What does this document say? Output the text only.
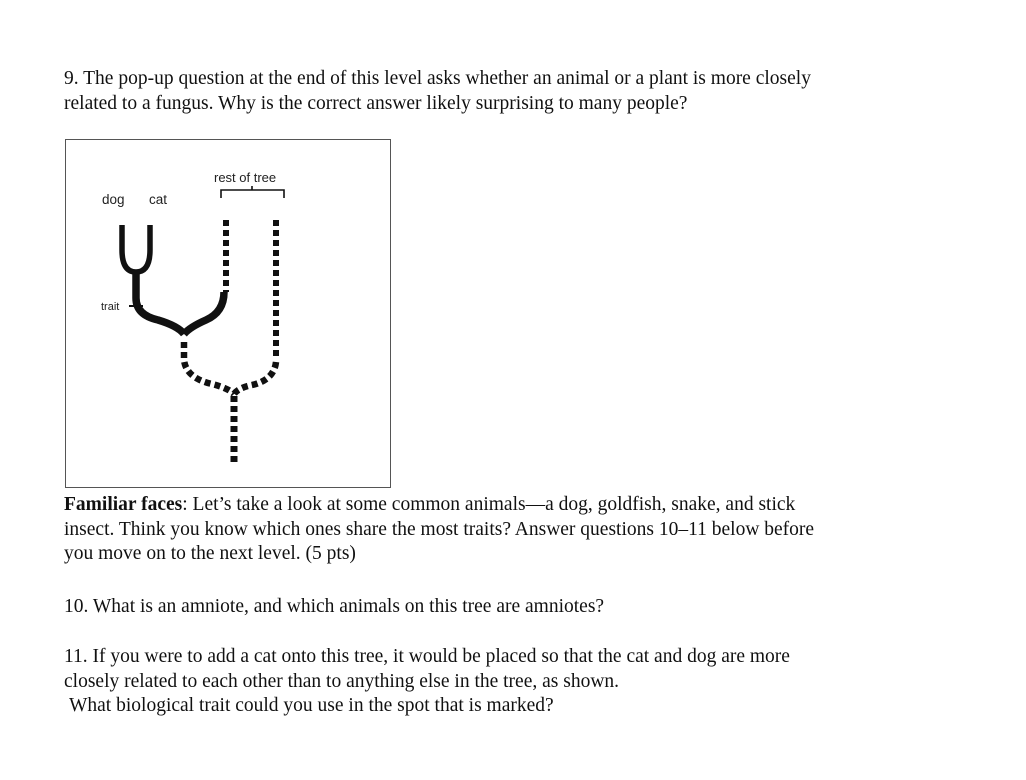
9. The pop-up question at the end of this level asks whether an animal or a plant is more closely
related to a fungus. Why is the correct answer likely surprising to many people?

rest of tree
dog cat
trait

Familiar faces: Let’s take a look at some common animals—a dog, goldfish, snake, and stick
insect. Think you know which ones share the most traits? Answer questions 10–11 below before
you move on to the next level. (5 pts)

10. What is an amniote, and which animals on this tree are amniotes?

11. If you were to add a cat onto this tree, it would be placed so that the cat and dog are more
closely related to each other than to anything else in the tree, as shown.

What biological trait could you use in the spot that is marked?
